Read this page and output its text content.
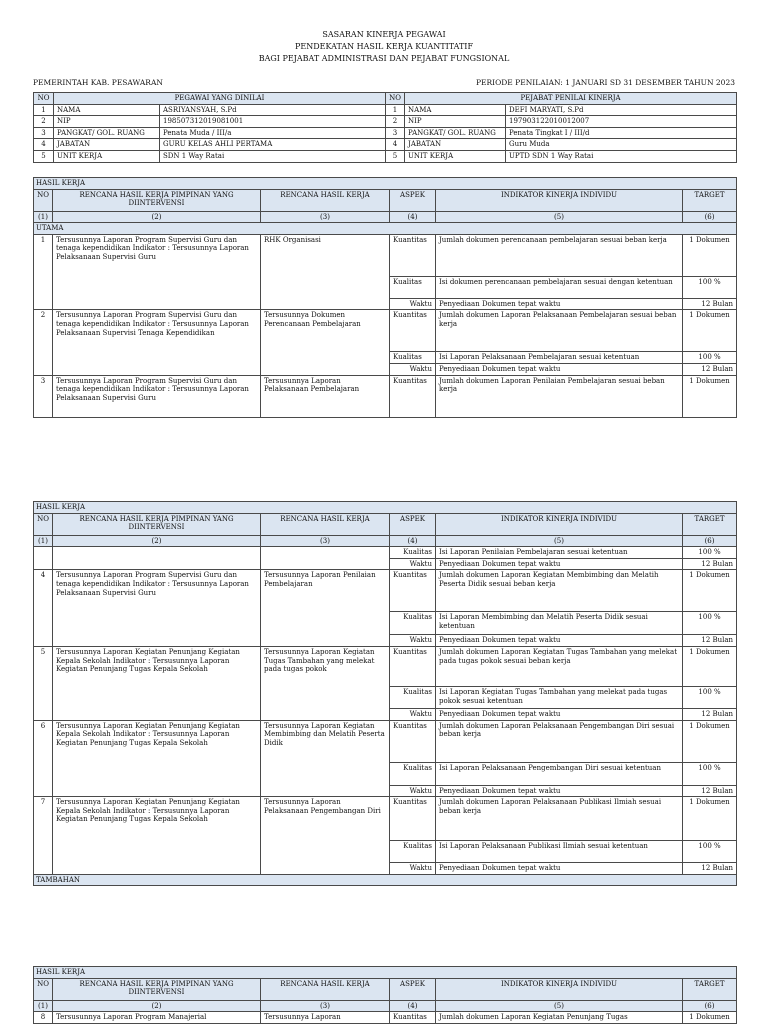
SASARAN KINERJA PEGAWAI
PENDEKATAN HASIL KERJA KUANTITATIF
BAGI PEJABAT ADMINISTRASI DAN PEJABAT FUNGSIONAL
PEMERINTAH KAB. PESAWARAN	PERIODE PENILAIAN: 1 JANUARI SD 31 DESEMBER TAHUN 2023
NO	PEGAWAI YANG DINILAI		NO	PEJABAT PENILAI KINERJA	
1	NAMA	ASRIYANSYAH, S.Pd	1	NAMA	DEFI MARYATI, S.Pd
2	NIP	198507312019081001	2	NIP	197903122010012007
3	PANGKAT/ GOL. RUANG	Penata Muda / III/a	3	PANGKAT/ GOL. RUANG	Penata Tingkat I / III/d
4	JABATAN	GURU KELAS AHLI PERTAMA	4	JABATAN	Guru Muda
5	UNIT KERJA	SDN 1 Way Ratai	5	UNIT KERJA	UPTD SDN 1 Way Ratai
HASIL KERJA					
NO	RENCANA HASIL KERJA PIMPINAN YANG DIINTERVENSI	RENCANA HASIL KERJA	ASPEK	INDIKATOR KINERJA INDIVIDU	TARGET
(1)	(2)	(3)	(4)	(5)	(6)
UTAMA					
1	Tersusunnya Laporan Program Supervisi Guru dan tenaga kependidikan Indikator : Tersusunnya Laporan Pelaksanaan Supervisi Guru	RHK Organisasi	Kuantitas	Jumlah dokumen perencanaan pembelajaran sesuai beban kerja	1 Dokumen
			Kualitas	Isi dokumen perencanaan pembelajaran sesuai dengan ketentuan	100 %
			Waktu	Penyediaan Dokumen tepat waktu	12 Bulan
2	Tersusunnya Laporan Program Supervisi Guru dan tenaga kependidikan Indikator : Tersusunnya Laporan Pelaksanaan Supervisi Tenaga Kependidikan	Tersusunnya Dokumen Perencanaan Pembelajaran	Kuantitas	Jumlah dokumen Laporan Pelaksanaan Pembelajaran sesuai beban kerja	1 Dokumen
			Kualitas	Isi Laporan Pelaksanaan Pembelajaran sesuai ketentuan	100 %
			Waktu	Penyediaan Dokumen tepat waktu	12 Bulan
3	Tersusunnya Laporan Program Supervisi Guru dan tenaga kependidikan Indikator : Tersusunnya Laporan Pelaksanaan Supervisi Guru	Tersusunnya Laporan Pelaksanaan Pembelajaran	Kuantitas	Jumlah dokumen Laporan Penilaian Pembelajaran sesuai beban kerja	1 Dokumen
HASIL KERJA					
NO	RENCANA HASIL KERJA PIMPINAN YANG DIINTERVENSI	RENCANA HASIL KERJA	ASPEK	INDIKATOR KINERJA INDIVIDU	TARGET
(1)	(2)	(3)	(4)	(5)	(6)
			Kualitas	Isi Laporan Penilaian Pembelajaran sesuai ketentuan	100 %
			Waktu	Penyediaan Dokumen tepat waktu	12 Bulan
4	Tersusunnya Laporan Program Supervisi Guru dan tenaga kependidikan Indikator : Tersusunnya Laporan Pelaksanaan Supervisi Guru	Tersusunnya Laporan Penilaian Pembelajaran	Kuantitas	Jumlah dokumen Laporan Kegiatan Membimbing dan Melatih Peserta Didik sesuai beban kerja	1 Dokumen
			Kualitas	Isi Laporan Membimbing dan Melatih Peserta Didik sesuai ketentuan	100 %
			Waktu	Penyediaan Dokumen tepat waktu	12 Bulan
5	Tersusunnya Laporan Kegiatan Penunjang Kegiatan Kepala Sekolah Indikator : Tersusunnya Laporan Kegiatan Penunjang Tugas Kepala Sekolah	Tersusunnya Laporan Kegiatan Tugas Tambahan yang melekat pada tugas pokok	Kuantitas	Jumlah dokumen Laporan Kegiatan Tugas Tambahan yang melekat pada tugas pokok sesuai beban kerja	1 Dokumen
			Kualitas	Isi Laporan Kegiatan Tugas Tambahan yang melekat pada tugas pokok sesuai ketentuan	100 %
			Waktu	Penyediaan Dokumen tepat waktu	12 Bulan
6	Tersusunnya Laporan Kegiatan Penunjang Kegiatan Kepala Sekolah Indikator : Tersusunnya Laporan Kegiatan Penunjang Tugas Kepala Sekolah	Tersusunnya Laporan Kegiatan Membimbing dan Melatih Peserta Didik	Kuantitas	Jumlah dokumen Laporan Pelaksanaan Pengembangan Diri sesuai beban kerja	1 Dokumen
			Kualitas	Isi Laporan Pelaksanaan Pengembangan Diri sesuai ketentuan	100 %
			Waktu	Penyediaan Dokumen tepat waktu	12 Bulan
7	Tersusunnya Laporan Kegiatan Penunjang Kegiatan Kepala Sekolah Indikator : Tersusunnya Laporan Kegiatan Penunjang Tugas Kepala Sekolah	Tersusunnya Laporan Pelaksanaan Pengembangan Diri	Kuantitas	Jumlah dokumen Laporan Pelaksanaan Publikasi Ilmiah sesuai beban kerja	1 Dokumen
			Kualitas	Isi Laporan Pelaksanaan Publikasi Ilmiah sesuai ketentuan	100 %
			Waktu	Penyediaan Dokumen tepat waktu	12 Bulan
TAMBAHAN					
HASIL KERJA					
NO	RENCANA HASIL KERJA PIMPINAN YANG DIINTERVENSI	RENCANA HASIL KERJA	ASPEK	INDIKATOR KINERJA INDIVIDU	TARGET
(1)	(2)	(3)	(4)	(5)	(6)
8	Tersusunnya Laporan Program Manajerial	Tersusunnya Laporan	Kuantitas	Jumlah dokumen Laporan Kegiatan Penunjang Tugas	1 Dokumen
